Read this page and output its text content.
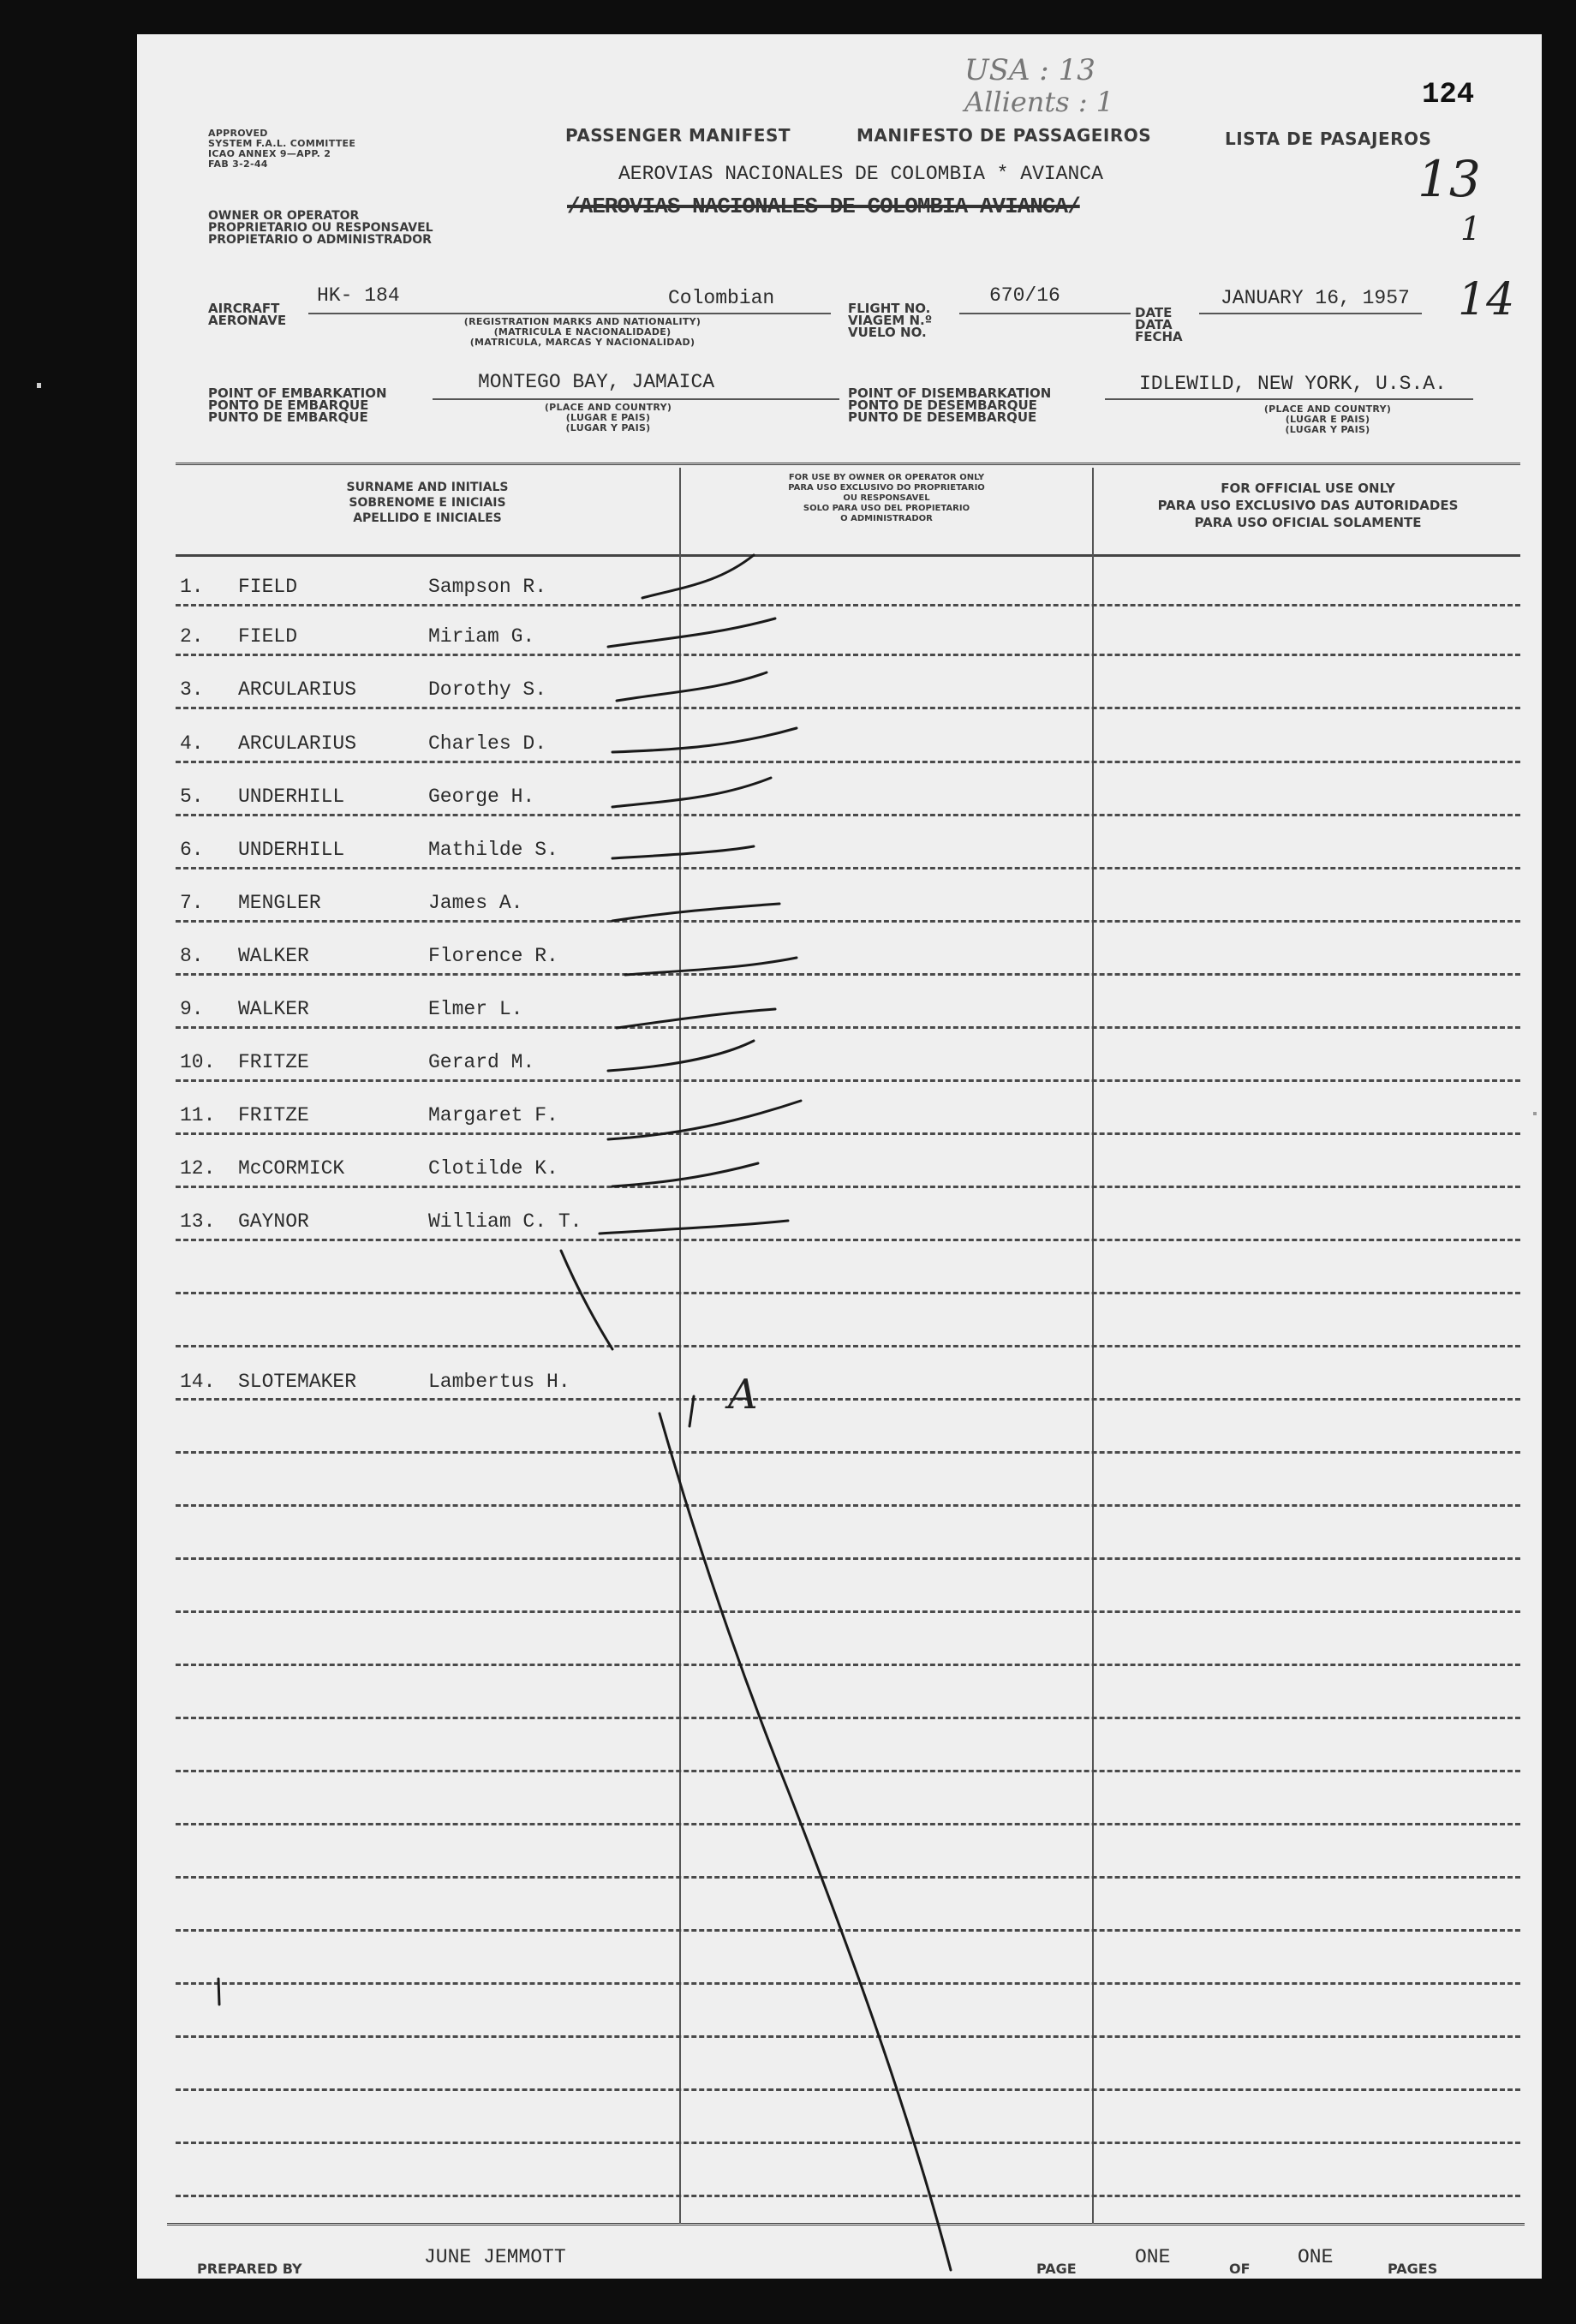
124
USA : 13
Allients : 1
13
1
14
APPROVED
SYSTEM F.A.L. COMMITTEE
ICAO ANNEX 9—APP. 2
FAB 3-2-44
OWNER OR OPERATOR
PROPRIETARIO OU RESPONSAVEL
PROPIETARIO O ADMINISTRADOR
PASSENGER MANIFEST	MANIFESTO DE PASSAGEIROS	LISTA DE PASAJEROS
AEROVIAS NACIONALES DE COLOMBIA * AVIANCA
/AEROVIAS NACIONALES DE COLOMBIA AVIANCA/
AIRCRAFT
AERONAVE
HK- 184	Colombian
(REGISTRATION MARKS AND NATIONALITY)
(MATRICULA E NACIONALIDADE)
(MATRICULA, MARCAS Y NACIONALIDAD)
FLIGHT NO.
VIAGEM N.º
VUELO NO.
670/16
DATE
DATA
FECHA
JANUARY 16, 1957
POINT OF EMBARKATION
PONTO DE EMBARQUE
PUNTO DE EMBARQUE
MONTEGO BAY, JAMAICA
(PLACE AND COUNTRY)
(LUGAR E PAIS)
(LUGAR Y PAIS)
POINT OF DISEMBARKATION
PONTO DE DESEMBARQUE
PUNTO DE DESEMBARQUE
IDLEWILD, NEW YORK, U.S.A.
(PLACE AND COUNTRY)
(LUGAR E PAIS)
(LUGAR Y PAIS)
SURNAME AND INITIALS
SOBRENOME E INICIAIS
APELLIDO E INICIALES
FOR USE BY OWNER OR OPERATOR ONLY
PARA USO EXCLUSIVO DO PROPRIETARIO
OU RESPONSAVEL
SOLO PARA USO DEL PROPIETARIO
O ADMINISTRADOR
FOR OFFICIAL USE ONLY
PARA USO EXCLUSIVO DAS AUTORIDADES
PARA USO OFICIAL SOLAMENTE
1. FIELD	Sampson R.
2. FIELD	Miriam G.
3. ARCULARIUS	Dorothy S.
4. ARCULARIUS	Charles D.
5. UNDERHILL	George H.
6. UNDERHILL	Mathilde S.
7. MENGLER	James A.
8. WALKER	Florence R.
9. WALKER	Elmer L.
10. FRITZE	Gerard M.
11. FRITZE	Margaret F.
12. McCORMICK	Clotilde K.
13. GAYNOR	William C. T.
14. SLOTEMAKER	Lambertus H.	A
PREPARED BY
JUNE JEMMOTT
PAGE
ONE
OF
ONE
PAGES
